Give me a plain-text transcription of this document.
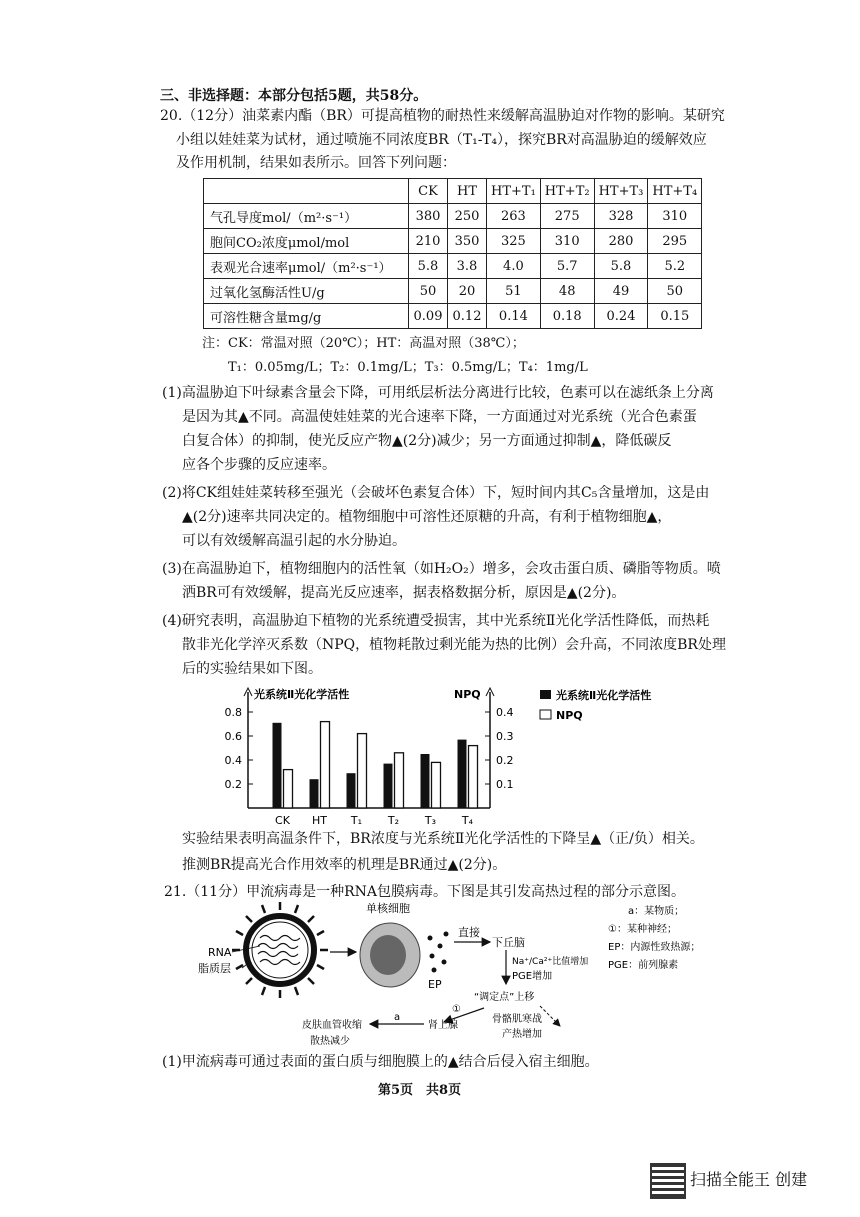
三、非选择题：本部分包括5题，共58分。
20.（12分）油菜素内酯（BR）可提高植物的耐热性来缓解高温胁迫对作物的影响。某研究
小组以娃娃菜为试材，通过喷施不同浓度BR（T₁-T₄），探究BR对高温胁迫的缓解效应
及作用机制，结果如表所示。回答下列问题：
	CK	HT	HT+T₁	HT+T₂	HT+T₃	HT+T₄
气孔导度mol/（m²·s⁻¹）	380	250	263	275	328	310
胞间CO₂浓度μmol/mol	210	350	325	310	280	295
表观光合速率μmol/（m²·s⁻¹）	5.8	3.8	4.0	5.7	5.8	5.2
过氧化氢酶活性U/g	50	20	51	48	49	50
可溶性糖含量mg/g	0.09	0.12	0.14	0.18	0.24	0.15
注：CK：常温对照（20℃）；HT：高温对照（38℃）；
T₁：0.05mg/L；T₂：0.1mg/L；T₃：0.5mg/L；T₄：1mg/L
(1)高温胁迫下叶绿素含量会下降，可用纸层析法分离进行比较，色素可以在滤纸条上分离
是因为其▲不同。高温使娃娃菜的光合速率下降，一方面通过对光系统（光合色素蛋
白复合体）的抑制，使光反应产物▲(2分)减少；另一方面通过抑制▲，降低碳反
应各个步骤的反应速率。
(2)将CK组娃娃菜转移至强光（会破坏色素复合体）下，短时间内其C₅含量增加，这是由
▲(2分)速率共同决定的。植物细胞中可溶性还原糖的升高，有利于植物细胞▲，
可以有效缓解高温引起的水分胁迫。
(3)在高温胁迫下，植物细胞内的活性氧（如H₂O₂）增多，会攻击蛋白质、磷脂等物质。喷
洒BR可有效缓解，提高光反应速率，据表格数据分析，原因是▲(2分)。
(4)研究表明，高温胁迫下植物的光系统遭受损害，其中光系统Ⅱ光化学活性降低，而热耗
散非光化学淬灭系数（NPQ，植物耗散过剩光能为热的比例）会升高，不同浓度BR处理
后的实验结果如下图。
光系统Ⅱ光化学活性	NPQ
0.8
0.6
0.4
0.2
0.4
0.3
0.2
0.1
CK HT T₁ T₂ T₃ T₄
光系统Ⅱ光化学活性
NPQ
实验结果表明高温条件下，BR浓度与光系统Ⅱ光化学活性的下降呈▲（正/负）相关。
推测BR提高光合作用效率的机理是BR通过▲(2分)。
21.（11分）甲流病毒是一种RNA包膜病毒。下图是其引发高热过程的部分示意图。
RNA
脂质层
单核细胞
EP
直接
下丘脑
Na⁺/Ca²⁺比值增加
PGE增加
“调定点”上移
①
骨骼肌寒战
产热增加
肾上腺
a
皮肤血管收缩
散热减少
a：某物质；
①：某种神经；
EP：内源性致热源；
PGE：前列腺素
(1)甲流病毒可通过表面的蛋白质与细胞膜上的▲结合后侵入宿主细胞。
第5页　共8页
扫描全能王 创建
